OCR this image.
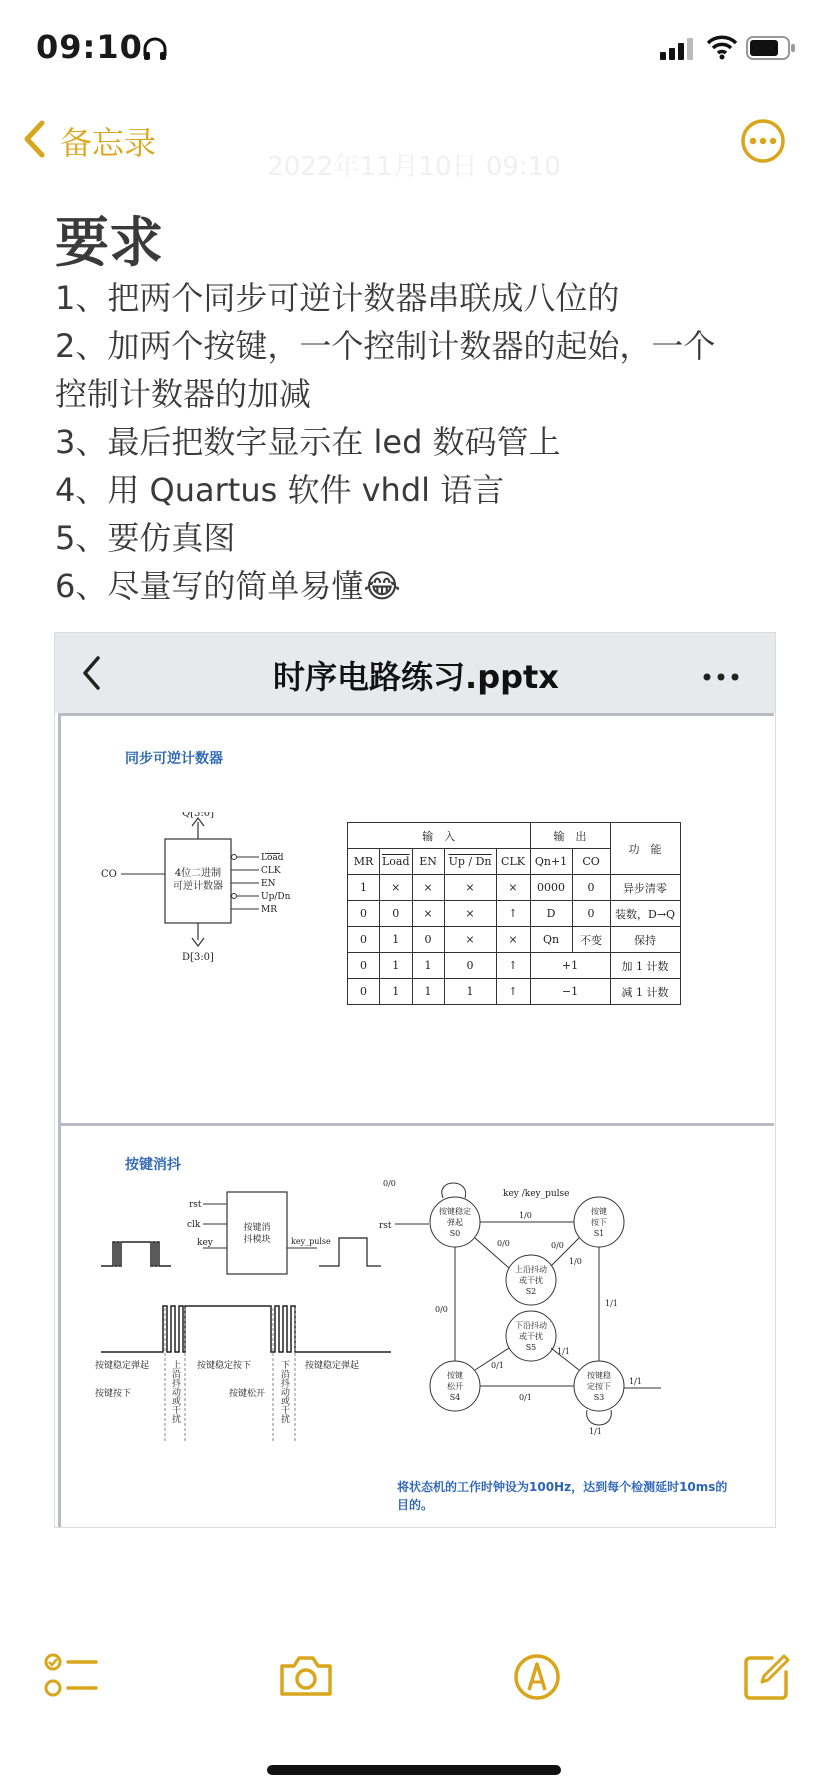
09:10
备忘录
2022年11月10日 09:10
要求
1、把两个同步可逆计数器串联成八位的
2、加两个按键，一个控制计数器的起始，一个
控制计数器的加减
3、最后把数字显示在 led 数码管上
4、用 Quartus 软件 vhdl 语言
5、要仿真图
6、尽量写的简单易懂😂
时序电路练习.pptx
同步可逆计数器
4位二进制
可逆计数器
Q[3:0]
D[3:0]
CO
Load
CLK
EN
Up/Dn
MR
输　入					输　出		功　能
MR	Load	EN	Up / Dn	CLK	Qn+1	CO	
1	×	×	×	×	0000	0	异步清零
0	0	×	×	↑	D	0	装数，D→Q
0	1	0	×	×	Qn	不变	保持
0	1	1	0	↑	+1		加 1 计数
0	1	1	1	↑	−1		减 1 计数
按键消抖
按键消
抖模块
rst
clk
key	key_pulse
按键稳定弹起
按键按下
按键稳定按下
按键松开
按键稳定弹起
上沿抖动或干扰	下沿抖动或干扰
key /key_pulse
rst
按键稳定
弹起
S0
按键
按下
S1
上沿抖动
或干扰
S2
按键稳
定按下
S3
按键
松开
S4
下沿抖动
或干扰
S5
0/0
1/0
0/0
1/0
1/1
0/1
0/1
0/0
1/1
1/1
1/1
0/0
将状态机的工作时钟设为100Hz，达到每个检测延时10ms的目的。
